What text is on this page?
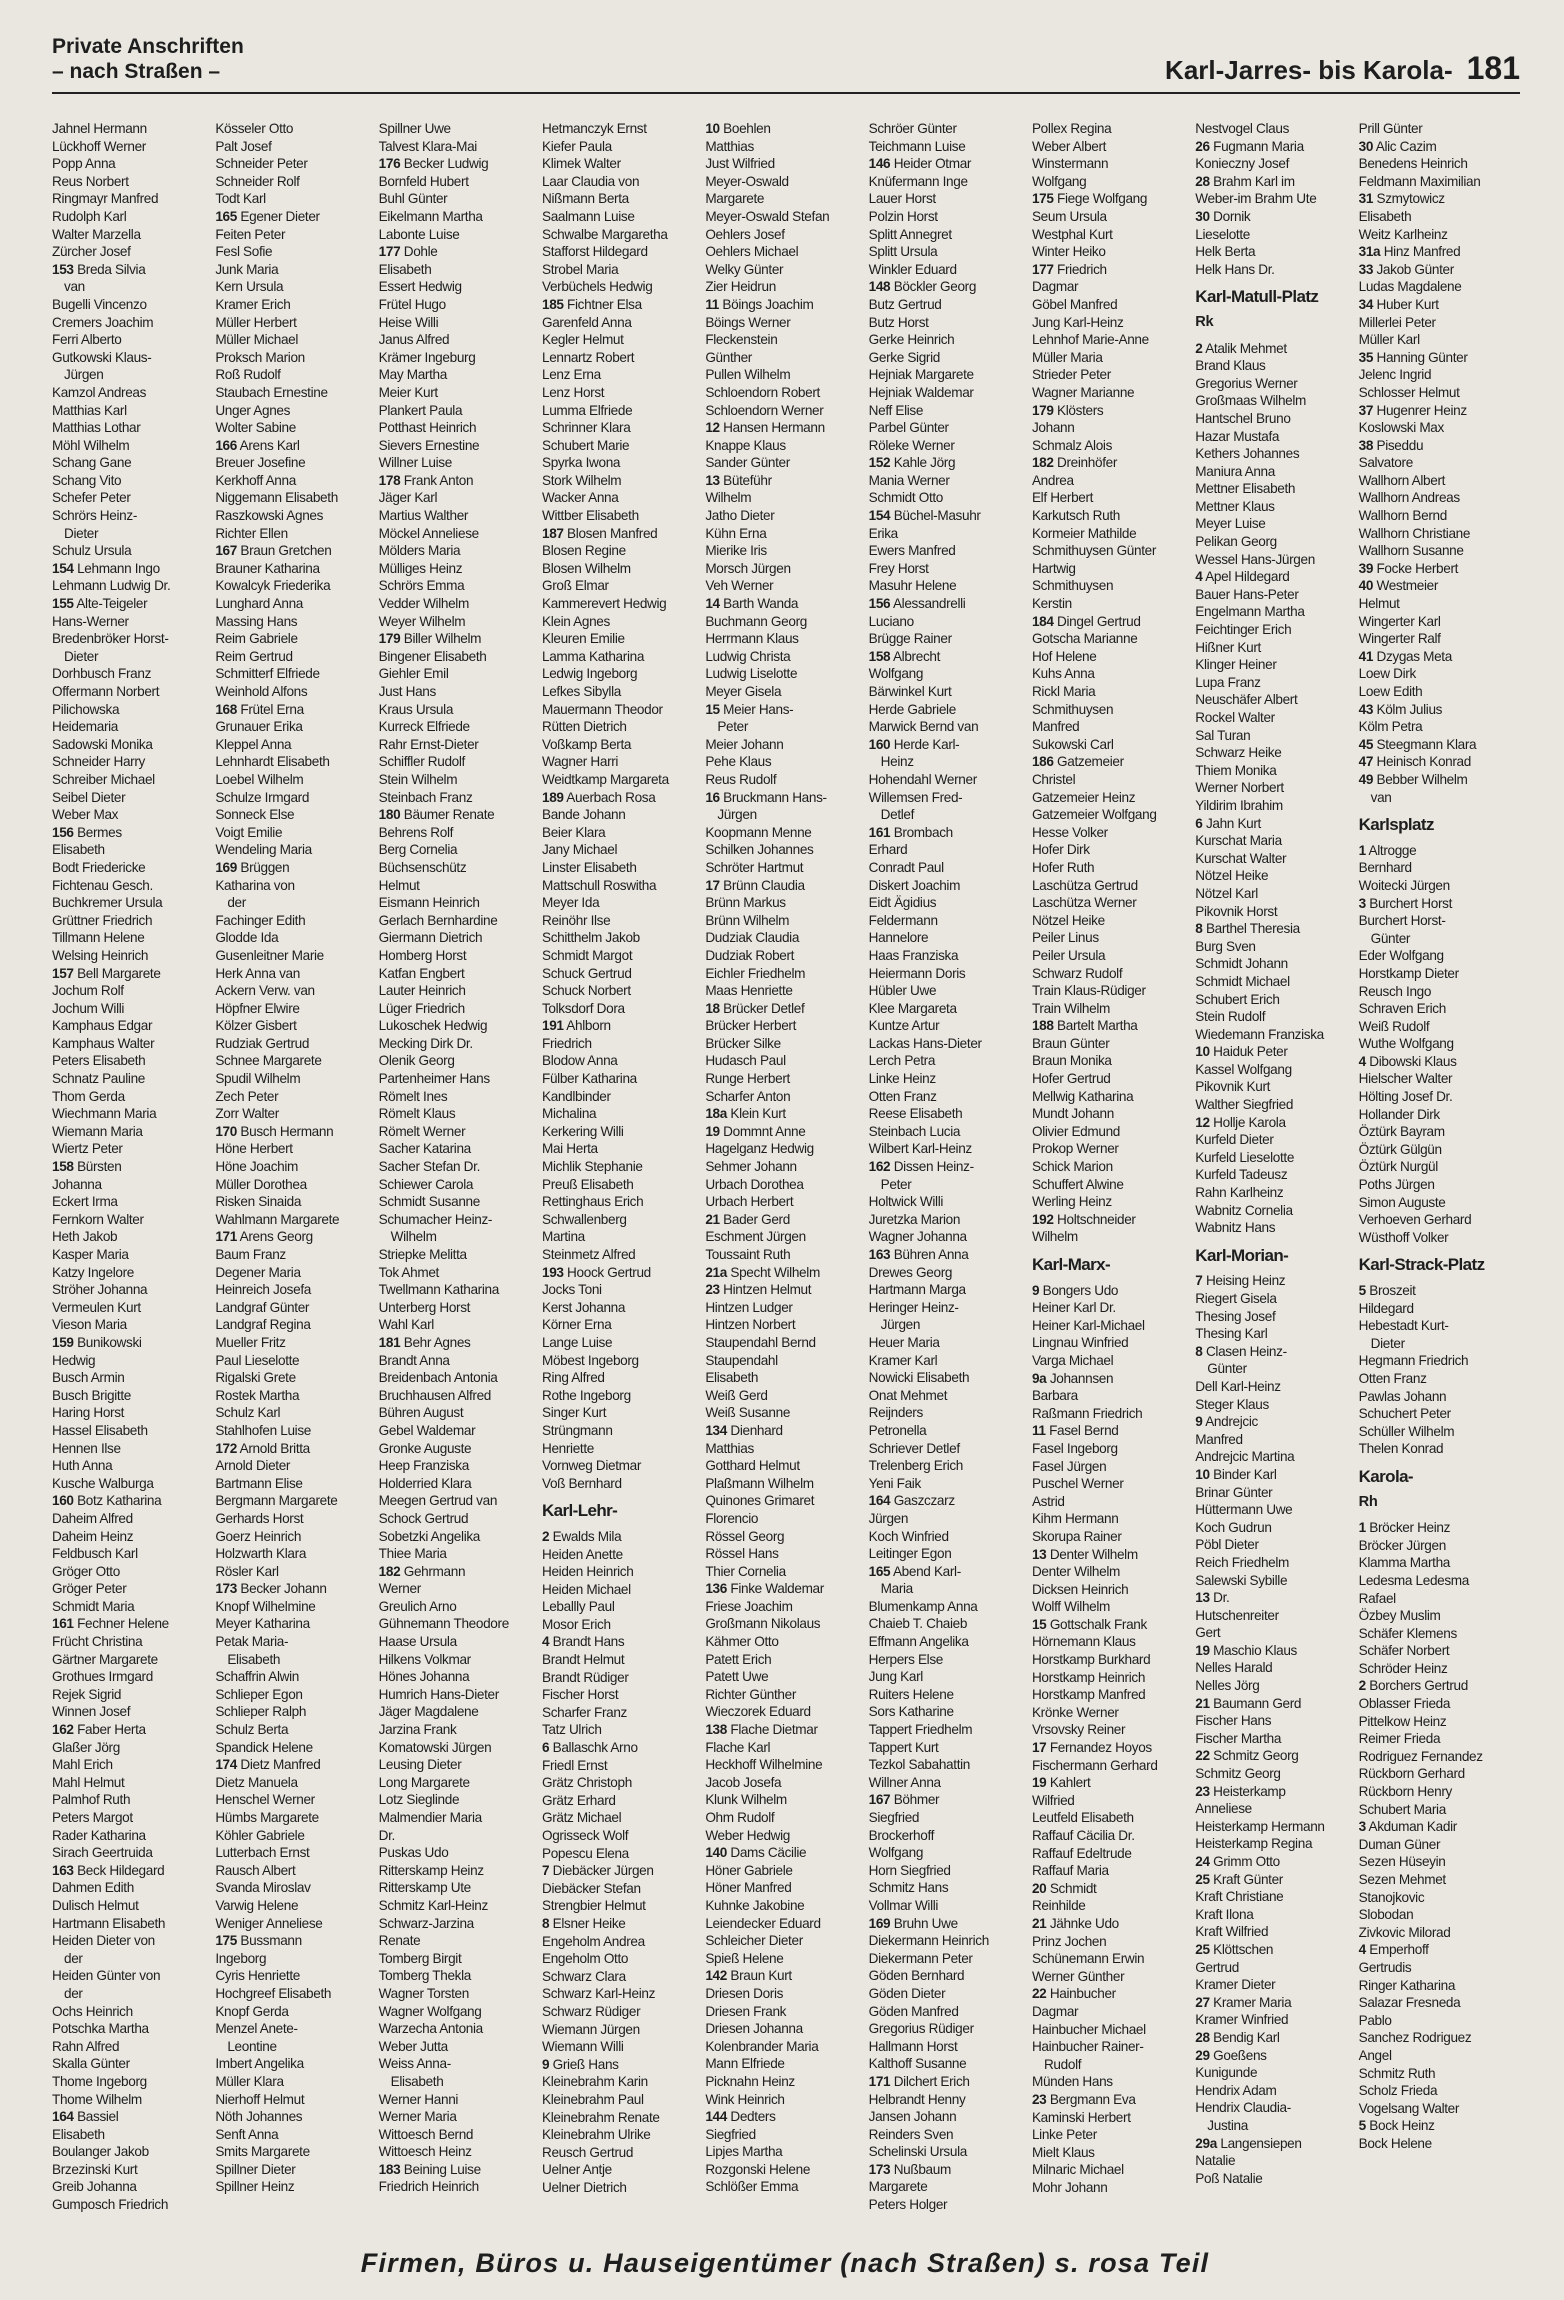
Private Anschriften
– nach Straßen –	Karl-Jarres- bis Karola- 181
Jahnel Hermann
Lückhoff Werner
Popp Anna
Reus Norbert
Ringmayr Manfred
Rudolph Karl
Walter Marzella
Zürcher Josef
153 Breda Silvia
van
Bugelli Vincenzo
Cremers Joachim
Ferri Alberto
Gutkowski Klaus-
Jürgen
Kamzol Andreas
Matthias Karl
Matthias Lothar
Möhl Wilhelm
Schang Gane
Schang Vito
Schefer Peter
Schrörs Heinz-
Dieter
Schulz Ursula
154 Lehmann Ingo
Lehmann Ludwig Dr.
155 Alte-Teigeler
Hans-Werner
Bredenbröker Horst-
Dieter
Dorhbusch Franz
Offermann Norbert
Pilichowska
Heidemaria
Sadowski Monika
Schneider Harry
Schreiber Michael
Seibel Dieter
Weber Max
156 Bermes
Elisabeth
Bodt Friedericke
Fichtenau Gesch.
Buchkremer Ursula
Grüttner Friedrich
Tillmann Helene
Welsing Heinrich
157 Bell Margarete
Jochum Rolf
Jochum Willi
Kamphaus Edgar
Kamphaus Walter
Peters Elisabeth
Schnatz Pauline
Thom Gerda
Wiechmann Maria
Wiemann Maria
Wiertz Peter
158 Bürsten
Johanna
Eckert Irma
Fernkorn Walter
Heth Jakob
Kasper Maria
Katzy Ingelore
Ströher Johanna
Vermeulen Kurt
Vieson Maria
159 Bunikowski
Hedwig
Busch Armin
Busch Brigitte
Haring Horst
Hassel Elisabeth
Hennen Ilse
Huth Anna
Kusche Walburga
160 Botz Katharina
Daheim Alfred
Daheim Heinz
Feldbusch Karl
Gröger Otto
Gröger Peter
Schmidt Maria
161 Fechner Helene
Frücht Christina
Gärtner Margarete
Grothues Irmgard
Rejek Sigrid
Winnen Josef
162 Faber Herta
Glaßer Jörg
Mahl Erich
Mahl Helmut
Palmhof Ruth
Peters Margot
Rader Katharina
Sirach Geertruida
163 Beck Hildegard
Dahmen Edith
Dulisch Helmut
Hartmann Elisabeth
Heiden Dieter von
der
Heiden Günter von
der
Ochs Heinrich
Potschka Martha
Rahn Alfred
Skalla Günter
Thome Ingeborg
Thome Wilhelm
164 Bassiel
Elisabeth
Boulanger Jakob
Brzezinski Kurt
Greib Johanna
Gumposch Friedrich
Kösseler Otto
Palt Josef
Schneider Peter
Schneider Rolf
Todt Karl
165 Egener Dieter
Feiten Peter
Fesl Sofie
Junk Maria
Kern Ursula
Kramer Erich
Müller Herbert
Müller Michael
Proksch Marion
Roß Rudolf
Staubach Ernestine
Unger Agnes
Wolter Sabine
166 Arens Karl
Breuer Josefine
Kerkhoff Anna
Niggemann Elisabeth
Raszkowski Agnes
Richter Ellen
167 Braun Gretchen
Brauner Katharina
Kowalcyk Friederika
Lunghard Anna
Massing Hans
Reim Gabriele
Reim Gertrud
Schmitterf Elfriede
Weinhold Alfons
168 Frütel Erna
Grunauer Erika
Kleppel Anna
Lehnhardt Elisabeth
Loebel Wilhelm
Schulze Irmgard
Sonneck Else
Voigt Emilie
Wendeling Maria
169 Brüggen
Katharina von
der
Fachinger Edith
Glodde Ida
Gusenleitner Marie
Herk Anna van
Ackern Verw. van
Höpfner Elwire
Kölzer Gisbert
Rudziak Gertrud
Schnee Margarete
Spudil Wilhelm
Zech Peter
Zorr Walter
170 Busch Hermann
Höne Herbert
Höne Joachim
Müller Dorothea
Risken Sinaida
Wahlmann Margarete
171 Arens Georg
Baum Franz
Degener Maria
Heinreich Josefa
Landgraf Günter
Landgraf Regina
Mueller Fritz
Paul Lieselotte
Rigalski Grete
Rostek Martha
Schulz Karl
Stahlhofen Luise
172 Arnold Britta
Arnold Dieter
Bartmann Elise
Bergmann Margarete
Gerhards Horst
Goerz Heinrich
Holzwarth Klara
Rösler Karl
173 Becker Johann
Knopf Wilhelmine
Meyer Katharina
Petak Maria-
Elisabeth
Schaffrin Alwin
Schlieper Egon
Schlieper Ralph
Schulz Berta
Spandick Helene
174 Dietz Manfred
Dietz Manuela
Henschel Werner
Hümbs Margarete
Köhler Gabriele
Lutterbach Ernst
Rausch Albert
Svanda Miroslav
Varwig Helene
Weniger Anneliese
175 Bussmann
Ingeborg
Cyris Henriette
Hochgreef Elisabeth
Knopf Gerda
Menzel Anete-
Leontine
Imbert Angelika
Müller Klara
Nierhoff Helmut
Nöth Johannes
Senft Anna
Smits Margarete
Spillner Dieter
Spillner Heinz
Spillner Uwe
Talvest Klara-Mai
176 Becker Ludwig
Bornfeld Hubert
Buhl Günter
Eikelmann Martha
Labonte Luise
177 Dohle
Elisabeth
Essert Hedwig
Frütel Hugo
Heise Willi
Janus Alfred
Krämer Ingeburg
May Martha
Meier Kurt
Plankert Paula
Potthast Heinrich
Sievers Ernestine
Willner Luise
178 Frank Anton
Jäger Karl
Martius Walther
Möckel Anneliese
Mölders Maria
Mülliges Heinz
Schrörs Emma
Vedder Wilhelm
Weyer Wilhelm
179 Biller Wilhelm
Bingener Elisabeth
Giehler Emil
Just Hans
Kraus Ursula
Kurreck Elfriede
Rahr Ernst-Dieter
Schiffler Rudolf
Stein Wilhelm
Steinbach Franz
180 Bäumer Renate
Behrens Rolf
Berg Cornelia
Büchsenschütz
Helmut
Eismann Heinrich
Gerlach Bernhardine
Giermann Dietrich
Homberg Horst
Katfan Engbert
Lauter Heinrich
Lüger Friedrich
Lukoschek Hedwig
Mecking Dirk Dr.
Olenik Georg
Partenheimer Hans
Römelt Ines
Römelt Klaus
Römelt Werner
Sacher Katarina
Sacher Stefan Dr.
Schiewer Carola
Schmidt Susanne
Schumacher Heinz-
Wilhelm
Striepke Melitta
Tok Ahmet
Twellmann Katharina
Unterberg Horst
Wahl Karl
181 Behr Agnes
Brandt Anna
Breidenbach Antonia
Bruchhausen Alfred
Bühren August
Gebel Waldemar
Gronke Auguste
Heep Franziska
Holderried Klara
Meegen Gertrud van
Schock Gertrud
Sobetzki Angelika
Thiee Maria
182 Gehrmann
Werner
Greulich Arno
Gühnemann Theodore
Haase Ursula
Hilkens Volkmar
Hönes Johanna
Humrich Hans-Dieter
Jäger Magdalene
Jarzina Frank
Komatowski Jürgen
Leusing Dieter
Long Margarete
Lotz Sieglinde
Malmendier Maria
Dr.
Puskas Udo
Ritterskamp Heinz
Ritterskamp Ute
Schmitz Karl-Heinz
Schwarz-Jarzina
Renate
Tomberg Birgit
Tomberg Thekla
Wagner Torsten
Wagner Wolfgang
Warzecha Antonia
Weber Jutta
Weiss Anna-
Elisabeth
Werner Hanni
Werner Maria
Wittoesch Bernd
Wittoesch Heinz
183 Beining Luise
Friedrich Heinrich
Hetmanczyk Ernst
Kiefer Paula
Klimek Walter
Laar Claudia von
Nißmann Berta
Saalmann Luise
Schwalbe Margaretha
Stafforst Hildegard
Strobel Maria
Verbüchels Hedwig
185 Fichtner Elsa
Garenfeld Anna
Kegler Helmut
Lennartz Robert
Lenz Erna
Lenz Horst
Lumma Elfriede
Schrinner Klara
Schubert Marie
Spyrka Iwona
Stork Wilhelm
Wacker Anna
Wittber Elisabeth
187 Blosen Manfred
Blosen Regine
Blosen Wilhelm
Groß Elmar
Kammerevert Hedwig
Klein Agnes
Kleuren Emilie
Lamma Katharina
Ledwig Ingeborg
Lefkes Sibylla
Mauermann Theodor
Rütten Dietrich
Voßkamp Berta
Wagner Harri
Weidtkamp Margareta
189 Auerbach Rosa
Bande Johann
Beier Klara
Jany Michael
Linster Elisabeth
Mattschull Roswitha
Meyer Ida
Reinöhr Ilse
Schitthelm Jakob
Schmidt Margot
Schuck Gertrud
Schuck Norbert
Tolksdorf Dora
191 Ahlborn
Friedrich
Blodow Anna
Fülber Katharina
Kandlbinder
Michalina
Kerkering Willi
Mai Herta
Michlik Stephanie
Preuß Elisabeth
Rettinghaus Erich
Schwallenberg
Martina
Steinmetz Alfred
193 Hoock Gertrud
Jocks Toni
Kerst Johanna
Körner Erna
Lange Luise
Möbest Ingeborg
Ring Alfred
Rothe Ingeborg
Singer Kurt
Strüngmann
Henriette
Vornweg Dietmar
Voß Bernhard
Karl-Lehr-
2 Ewalds Mila
Heiden Anette
Heiden Heinrich
Heiden Michael
Leballly Paul
Mosor Erich
4 Brandt Hans
Brandt Helmut
Brandt Rüdiger
Fischer Horst
Scharfer Franz
Tatz Ulrich
6 Ballaschk Arno
Friedl Ernst
Grätz Christoph
Grätz Erhard
Grätz Michael
Ogrisseck Wolf
Popescu Elena
7 Diebäcker Jürgen
Diebäcker Stefan
Strengbier Helmut
8 Elsner Heike
Engeholm Andrea
Engeholm Otto
Schwarz Clara
Schwarz Karl-Heinz
Schwarz Rüdiger
Wiemann Jürgen
Wiemann Willi
9 Grieß Hans
Kleinebrahm Karin
Kleinebrahm Paul
Kleinebrahm Renate
Kleinebrahm Ulrike
Reusch Gertrud
Uelner Antje
Uelner Dietrich
10 Boehlen
Matthias
Just Wilfried
Meyer-Oswald
Margarete
Meyer-Oswald Stefan
Oehlers Josef
Oehlers Michael
Welky Günter
Zier Heidrun
11 Böings Joachim
Böings Werner
Fleckenstein
Günther
Pullen Wilhelm
Schloendorn Robert
Schloendorn Werner
12 Hansen Hermann
Knappe Klaus
Sander Günter
13 Büteführ
Wilhelm
Jatho Dieter
Kühn Erna
Mierike Iris
Morsch Jürgen
Veh Werner
14 Barth Wanda
Buchmann Georg
Herrmann Klaus
Ludwig Christa
Ludwig Liselotte
Meyer Gisela
15 Meier Hans-
Peter
Meier Johann
Pehe Klaus
Reus Rudolf
16 Bruckmann Hans-
Jürgen
Koopmann Menne
Schilken Johannes
Schröter Hartmut
17 Brünn Claudia
Brünn Markus
Brünn Wilhelm
Dudziak Claudia
Dudziak Robert
Eichler Friedhelm
Maas Henriette
18 Brücker Detlef
Brücker Herbert
Brücker Silke
Hudasch Paul
Runge Herbert
Scharfer Anton
18a Klein Kurt
19 Dommnt Anne
Hagelganz Hedwig
Sehmer Johann
Urbach Dorothea
Urbach Herbert
21 Bader Gerd
Eschment Jürgen
Toussaint Ruth
21a Specht Wilhelm
23 Hintzen Helmut
Hintzen Ludger
Hintzen Norbert
Staupendahl Bernd
Staupendahl
Elisabeth
Weiß Gerd
Weiß Susanne
134 Dienhard
Matthias
Gotthard Helmut
Plaßmann Wilhelm
Quinones Grimaret
Florencio
Rössel Georg
Rössel Hans
Thier Cornelia
136 Finke Waldemar
Friese Joachim
Großmann Nikolaus
Kähmer Otto
Patett Erich
Patett Uwe
Richter Günther
Wieczorek Eduard
138 Flache Dietmar
Flache Karl
Heckhoff Wilhelmine
Jacob Josefa
Klunk Wilhelm
Ohm Rudolf
Weber Hedwig
140 Dams Cäcilie
Höner Gabriele
Höner Manfred
Kuhnke Jakobine
Leiendecker Eduard
Schleicher Dieter
Spieß Helene
142 Braun Kurt
Driesen Doris
Driesen Frank
Driesen Johanna
Kolenbrander Maria
Mann Elfriede
Picknahn Heinz
Wink Heinrich
144 Dedters
Siegfried
Lipjes Martha
Rozgonski Helene
Schlößer Emma
Schröer Günter
Teichmann Luise
146 Heider Otmar
Knüfermann Inge
Lauer Horst
Polzin Horst
Splitt Annegret
Splitt Ursula
Winkler Eduard
148 Böckler Georg
Butz Gertrud
Butz Horst
Gerke Heinrich
Gerke Sigrid
Hejniak Margarete
Hejniak Waldemar
Neff Elise
Parbel Günter
Röleke Werner
152 Kahle Jörg
Mania Werner
Schmidt Otto
154 Büchel-Masuhr
Erika
Ewers Manfred
Frey Horst
Masuhr Helene
156 Alessandrelli
Luciano
Brügge Rainer
158 Albrecht
Wolfgang
Bärwinkel Kurt
Herde Gabriele
Marwick Bernd van
160 Herde Karl-
Heinz
Hohendahl Werner
Willemsen Fred-
Detlef
161 Brombach
Erhard
Conradt Paul
Diskert Joachim
Eidt Ägidius
Feldermann
Hannelore
Haas Franziska
Heiermann Doris
Hübler Uwe
Klee Margareta
Kuntze Artur
Lackas Hans-Dieter
Lerch Petra
Linke Heinz
Otten Franz
Reese Elisabeth
Steinbach Lucia
Wilbert Karl-Heinz
162 Dissen Heinz-
Peter
Holtwick Willi
Juretzka Marion
Wagner Johanna
163 Bühren Anna
Drewes Georg
Hartmann Marga
Heringer Heinz-
Jürgen
Heuer Maria
Kramer Karl
Nowicki Elisabeth
Onat Mehmet
Reijnders
Petronella
Schriever Detlef
Trelenberg Erich
Yeni Faik
164 Gaszczarz
Jürgen
Koch Winfried
Leitinger Egon
165 Abend Karl-
Maria
Blumenkamp Anna
Chaieb T. Chaieb
Effmann Angelika
Herpers Else
Jung Karl
Ruiters Helene
Sors Katharine
Tappert Friedhelm
Tappert Kurt
Tezkol Sabahattin
Willner Anna
167 Böhmer
Siegfried
Brockerhoff
Wolfgang
Horn Siegfried
Schmitz Hans
Vollmar Willi
169 Bruhn Uwe
Diekermann Heinrich
Diekermann Peter
Göden Bernhard
Göden Dieter
Göden Manfred
Gregorius Rüdiger
Hallmann Horst
Kalthoff Susanne
171 Dilchert Erich
Helbrandt Henny
Jansen Johann
Reinders Sven
Schelinski Ursula
173 Nußbaum
Margarete
Peters Holger
Pollex Regina
Weber Albert
Winstermann
Wolfgang
175 Fiege Wolfgang
Seum Ursula
Westphal Kurt
Winter Heiko
177 Friedrich
Dagmar
Göbel Manfred
Jung Karl-Heinz
Lehnhof Marie-Anne
Müller Maria
Strieder Peter
Wagner Marianne
179 Klösters
Johann
Schmalz Alois
182 Dreinhöfer
Andrea
Elf Herbert
Karkutsch Ruth
Kormeier Mathilde
Schmithuysen Günter
Hartwig
Schmithuysen
Kerstin
184 Dingel Gertrud
Gotscha Marianne
Hof Helene
Kuhs Anna
Rickl Maria
Schmithuysen
Manfred
Sukowski Carl
186 Gatzemeier
Christel
Gatzemeier Heinz
Gatzemeier Wolfgang
Hesse Volker
Hofer Dirk
Hofer Ruth
Laschütza Gertrud
Laschütza Werner
Nötzel Heike
Peiler Linus
Peiler Ursula
Schwarz Rudolf
Train Klaus-Rüdiger
Train Wilhelm
188 Bartelt Martha
Braun Günter
Braun Monika
Hofer Gertrud
Mellwig Katharina
Mundt Johann
Olivier Edmund
Prokop Werner
Schick Marion
Schuffert Alwine
Werling Heinz
192 Holtschneider
Wilhelm
Karl-Marx-
9 Bongers Udo
Heiner Karl Dr.
Heiner Karl-Michael
Lingnau Winfried
Varga Michael
9a Johannsen
Barbara
Raßmann Friedrich
11 Fasel Bernd
Fasel Ingeborg
Fasel Jürgen
Puschel Werner
Astrid
Kihm Hermann
Skorupa Rainer
13 Denter Wilhelm
Denter Wilhelm
Dicksen Heinrich
Wolff Wilhelm
15 Gottschalk Frank
Hörnemann Klaus
Horstkamp Burkhard
Horstkamp Heinrich
Horstkamp Manfred
Krönke Werner
Vrsovsky Reiner
17 Fernandez Hoyos
Fischermann Gerhard
19 Kahlert
Wilfried
Leutfeld Elisabeth
Raffauf Cäcilia Dr.
Raffauf Edeltrude
Raffauf Maria
20 Schmidt
Reinhilde
21 Jähnke Udo
Prinz Jochen
Schünemann Erwin
Werner Günther
22 Hainbucher
Dagmar
Hainbucher Michael
Hainbucher Rainer-
Rudolf
Münden Hans
23 Bergmann Eva
Kaminski Herbert
Linke Peter
Mielt Klaus
Milnaric Michael
Mohr Johann
Nestvogel Claus
26 Fugmann Maria
Konieczny Josef
28 Brahm Karl im
Weber-im Brahm Ute
30 Dornik
Lieselotte
Helk Berta
Helk Hans Dr.
Karl-Matull-Platz
Rk
2 Atalik Mehmet
Brand Klaus
Gregorius Werner
Großmaas Wilhelm
Hantschel Bruno
Hazar Mustafa
Kethers Johannes
Maniura Anna
Mettner Elisabeth
Mettner Klaus
Meyer Luise
Pelikan Georg
Wessel Hans-Jürgen
4 Apel Hildegard
Bauer Hans-Peter
Engelmann Martha
Feichtinger Erich
Hißner Kurt
Klinger Heiner
Lupa Franz
Neuschäfer Albert
Rockel Walter
Sal Turan
Schwarz Heike
Thiem Monika
Werner Norbert
Yildirim Ibrahim
6 Jahn Kurt
Kurschat Maria
Kurschat Walter
Nötzel Heike
Nötzel Karl
Pikovnik Horst
8 Barthel Theresia
Burg Sven
Schmidt Johann
Schmidt Michael
Schubert Erich
Stein Rudolf
Wiedemann Franziska
10 Haiduk Peter
Kassel Wolfgang
Pikovnik Kurt
Walther Siegfried
12 Hollje Karola
Kurfeld Dieter
Kurfeld Lieselotte
Kurfeld Tadeusz
Rahn Karlheinz
Wabnitz Cornelia
Wabnitz Hans
Karl-Morian-
7 Heising Heinz
Riegert Gisela
Thesing Josef
Thesing Karl
8 Clasen Heinz-
Günter
Dell Karl-Heinz
Steger Klaus
9 Andrejcic
Manfred
Andrejcic Martina
10 Binder Karl
Brinar Günter
Hüttermann Uwe
Koch Gudrun
Pöbl Dieter
Reich Friedhelm
Salewski Sybille
13 Dr.
Hutschenreiter
Gert
19 Maschio Klaus
Nelles Harald
Nelles Jörg
21 Baumann Gerd
Fischer Hans
Fischer Martha
22 Schmitz Georg
Schmitz Georg
23 Heisterkamp
Anneliese
Heisterkamp Hermann
Heisterkamp Regina
24 Grimm Otto
25 Kraft Günter
Kraft Christiane
Kraft Ilona
Kraft Wilfried
25 Klöttschen
Gertrud
Kramer Dieter
27 Kramer Maria
Kramer Winfried
28 Bendig Karl
29 Goeßens
Kunigunde
Hendrix Adam
Hendrix Claudia-
Justina
29a Langensiepen
Natalie
Poß Natalie
Prill Günter
30 Alic Cazim
Benedens Heinrich
Feldmann Maximilian
31 Szmytowicz
Elisabeth
Weitz Karlheinz
31a Hinz Manfred
33 Jakob Günter
Ludas Magdalene
34 Huber Kurt
Millerlei Peter
Müller Karl
35 Hanning Günter
Jelenc Ingrid
Schlosser Helmut
37 Hugenrer Heinz
Koslowski Max
38 Piseddu
Salvatore
Wallhorn Albert
Wallhorn Andreas
Wallhorn Bernd
Wallhorn Christiane
Wallhorn Susanne
39 Focke Herbert
40 Westmeier
Helmut
Wingerter Karl
Wingerter Ralf
41 Dzygas Meta
Loew Dirk
Loew Edith
43 Kölm Julius
Kölm Petra
45 Steegmann Klara
47 Heinisch Konrad
49 Bebber Wilhelm
van
Karlsplatz
1 Altrogge
Bernhard
Woitecki Jürgen
3 Burchert Horst
Burchert Horst-
Günter
Eder Wolfgang
Horstkamp Dieter
Reusch Ingo
Schraven Erich
Weiß Rudolf
Wuthe Wolfgang
4 Dibowski Klaus
Hielscher Walter
Hölting Josef Dr.
Hollander Dirk
Öztürk Bayram
Öztürk Gülgün
Öztürk Nurgül
Poths Jürgen
Simon Auguste
Verhoeven Gerhard
Wüsthoff Volker
Karl-Strack-Platz
5 Broszeit
Hildegard
Hebestadt Kurt-
Dieter
Hegmann Friedrich
Otten Franz
Pawlas Johann
Schuchert Peter
Schüller Wilhelm
Thelen Konrad
Karola-
Rh
1 Bröcker Heinz
Bröcker Jürgen
Klamma Martha
Ledesma Ledesma
Rafael
Özbey Muslim
Schäfer Klemens
Schäfer Norbert
Schröder Heinz
2 Borchers Gertrud
Oblasser Frieda
Pittelkow Heinz
Reimer Frieda
Rodriguez Fernandez
Rückborn Gerhard
Rückborn Henry
Schubert Maria
3 Akduman Kadir
Duman Güner
Sezen Hüseyin
Sezen Mehmet
Stanojkovic
Slobodan
Zivkovic Milorad
4 Emperhoff
Gertrudis
Ringer Katharina
Salazar Fresneda
Pablo
Sanchez Rodriguez
Angel
Schmitz Ruth
Scholz Frieda
Vogelsang Walter
5 Bock Heinz
Bock Helene
Firmen, Büros u. Hauseigentümer (nach Straßen) s. rosa Teil
